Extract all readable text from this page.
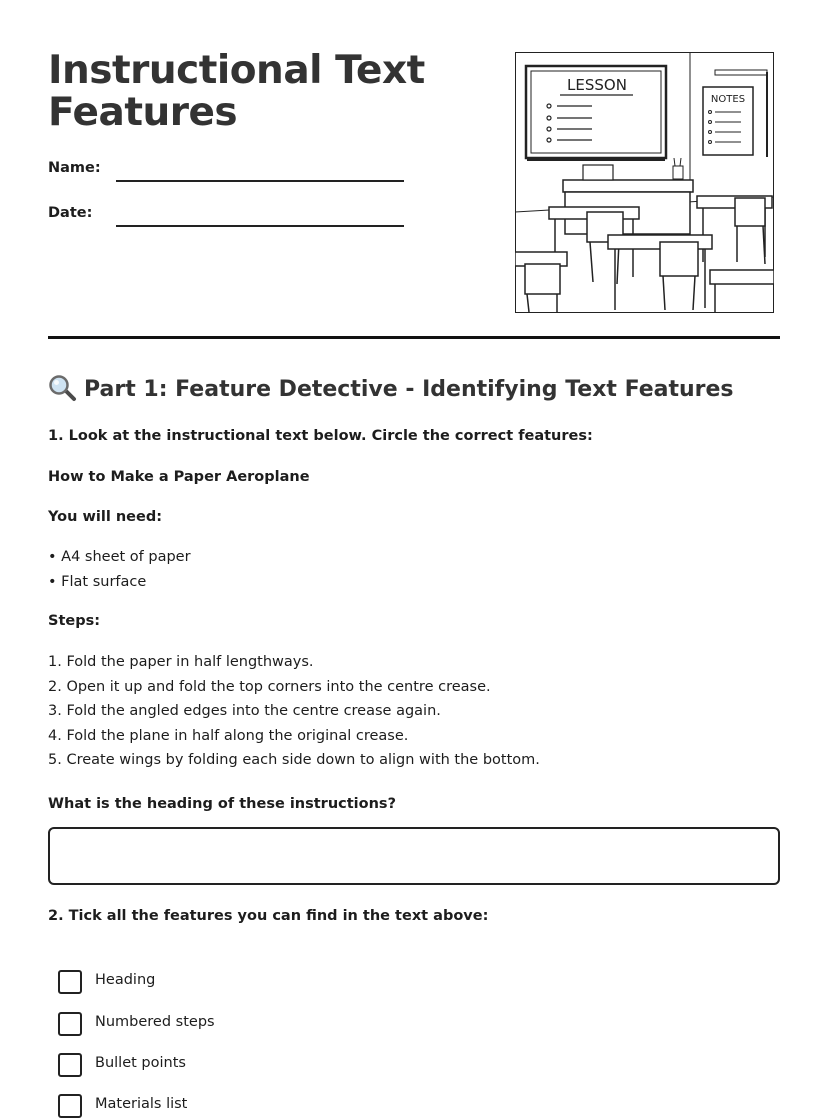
Instructional Text
Features
Name:
Date:
LESSON
NOTES
Part 1: Feature Detective - Identifying Text Features
1. Look at the instructional text below. Circle the correct features:
How to Make a Paper Aeroplane
You will need:
• A4 sheet of paper
• Flat surface
Steps:
1. Fold the paper in half lengthways.
2. Open it up and fold the top corners into the centre crease.
3. Fold the angled edges into the centre crease again.
4. Fold the plane in half along the original crease.
5. Create wings by folding each side down to align with the bottom.
What is the heading of these instructions?
2. Tick all the features you can find in the text above:
Heading
Numbered steps
Bullet points
Materials list
